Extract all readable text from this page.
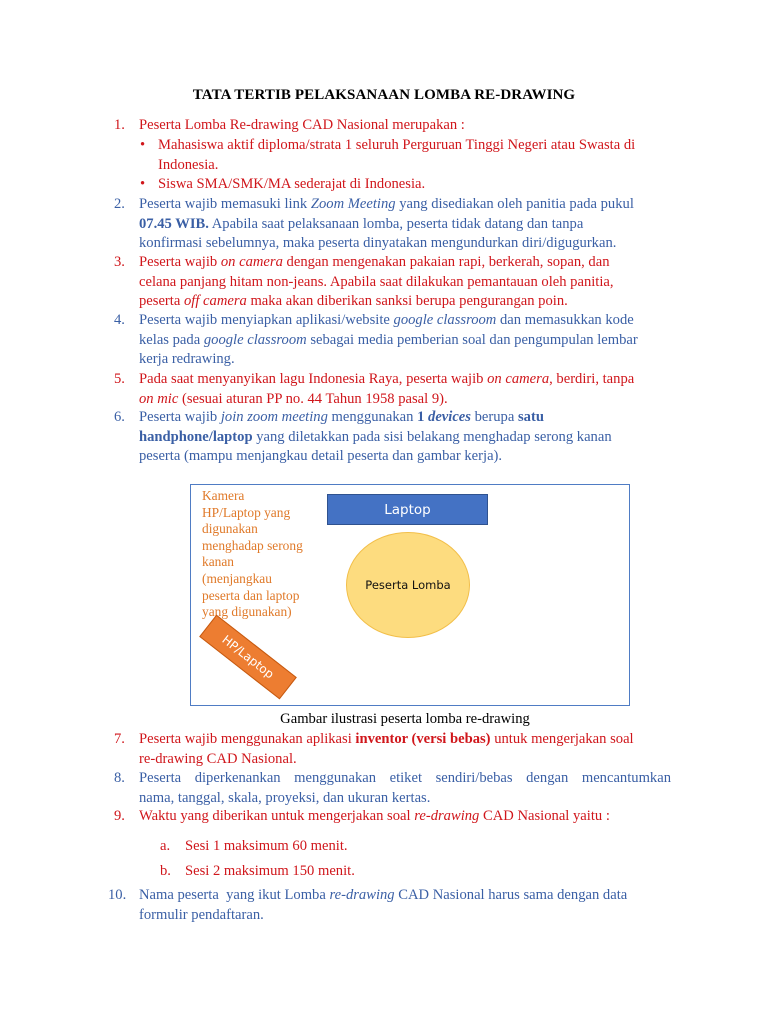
TATA TERTIB PELAKSANAAN LOMBA RE-DRAWING
1. Peserta Lomba Re-drawing CAD Nasional merupakan :
• Mahasiswa aktif diploma/strata 1 seluruh Perguruan Tinggi Negeri atau Swasta di
Indonesia.
• Siswa SMA/SMK/MA sederajat di Indonesia.
2. Peserta wajib memasuki link Zoom Meeting yang disediakan oleh panitia pada pukul
07.45 WIB. Apabila saat pelaksanaan lomba, peserta tidak datang dan tanpa
konfirmasi sebelumnya, maka peserta dinyatakan mengundurkan diri/digugurkan.
3. Peserta wajib on camera dengan mengenakan pakaian rapi, berkerah, sopan, dan
celana panjang hitam non-jeans. Apabila saat dilakukan pemantauan oleh panitia,
peserta off camera maka akan diberikan sanksi berupa pengurangan poin.
4. Peserta wajib menyiapkan aplikasi/website google classroom dan memasukkan kode
kelas pada google classroom sebagai media pemberian soal dan pengumpulan lembar
kerja redrawing.
5. Pada saat menyanyikan lagu Indonesia Raya, peserta wajib on camera, berdiri, tanpa
on mic (sesuai aturan PP no. 44 Tahun 1958 pasal 9).
6. Peserta wajib join zoom meeting menggunakan 1 devices berupa satu
handphone/laptop yang diletakkan pada sisi belakang menghadap serong kanan
peserta (mampu menjangkau detail peserta dan gambar kerja).
Kamera
HP/Laptop yang
digunakan
menghadap serong
kanan
(menjangkau
peserta dan laptop
yang digunakan)
Laptop
Peserta Lomba
HP/Laptop
Gambar ilustrasi peserta lomba re-drawing
7. Peserta wajib menggunakan aplikasi inventor (versi bebas) untuk mengerjakan soal
re-drawing CAD Nasional.
8. Peserta diperkenankan menggunakan etiket sendiri/bebas dengan mencantumkan
nama, tanggal, skala, proyeksi, dan ukuran kertas.
9. Waktu yang diberikan untuk mengerjakan soal re-drawing CAD Nasional yaitu :
a.	Sesi 1 maksimum 60 menit.
b. Sesi 2 maksimum 150 menit.
10. Nama peserta  yang ikut Lomba re-drawing CAD Nasional harus sama dengan data
formulir pendaftaran.
